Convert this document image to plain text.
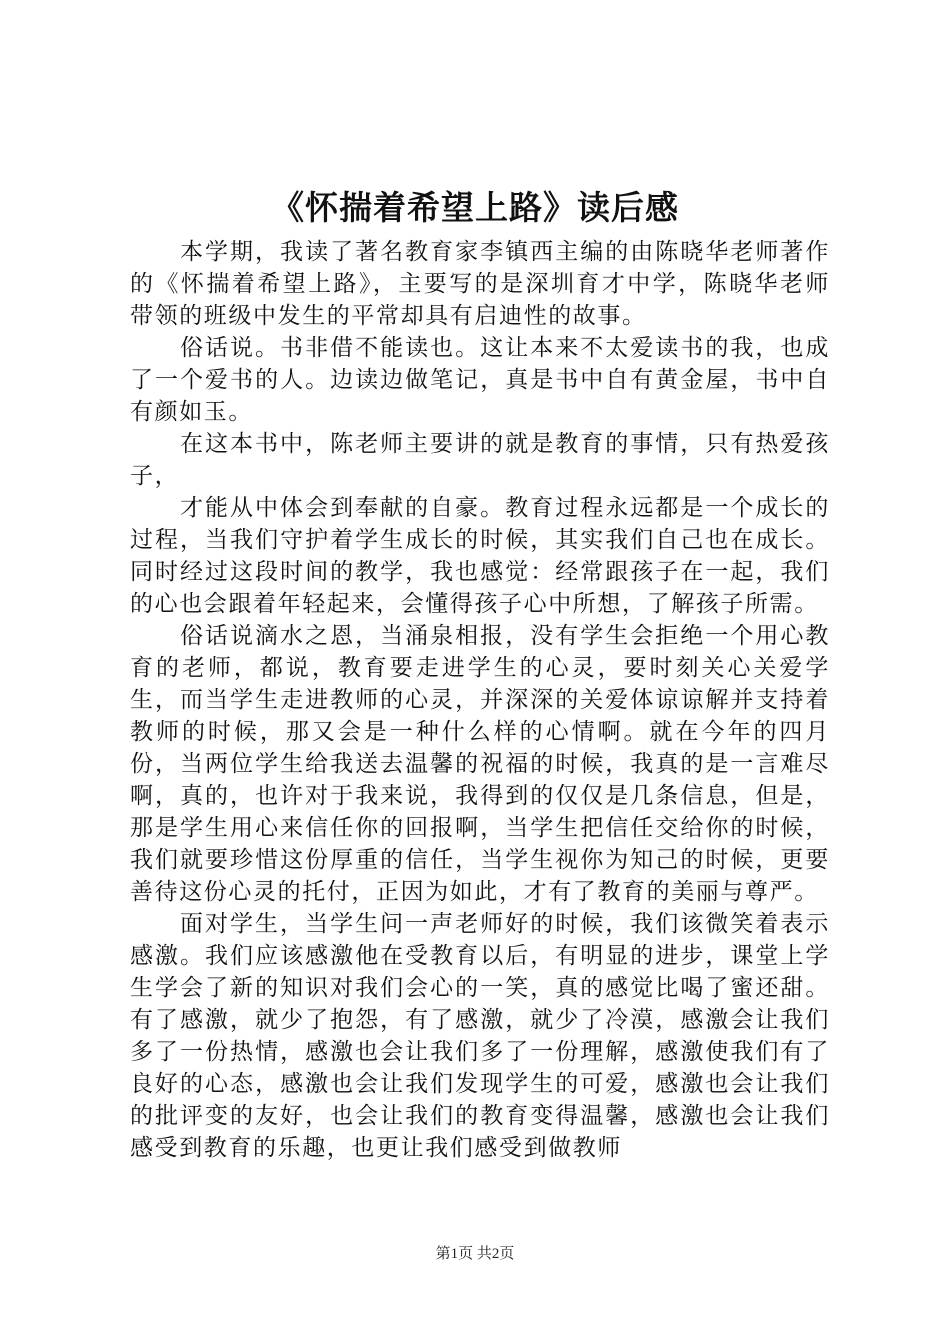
《怀揣着希望上路》读后感

本学期，我读了著名教育家李镇西主编的由陈晓华老师著作的《怀揣着希望上路》，主要写的是深圳育才中学，陈晓华老师带领的班级中发生的平常却具有启迪性的故事。

俗话说。书非借不能读也。这让本来不太爱读书的我，也成了一个爱书的人。边读边做笔记，真是书中自有黄金屋，书中自有颜如玉。

在这本书中，陈老师主要讲的就是教育的事情，只有热爱孩子，

才能从中体会到奉献的自豪。教育过程永远都是一个成长的过程，当我们守护着学生成长的时候，其实我们自己也在成长。同时经过这段时间的教学，我也感觉：经常跟孩子在一起，我们的心也会跟着年轻起来，会懂得孩子心中所想，了解孩子所需。

俗话说滴水之恩，当涌泉相报，没有学生会拒绝一个用心教育的老师，都说，教育要走进学生的心灵，要时刻关心关爱学生，而当学生走进教师的心灵，并深深的关爱体谅谅解并支持着教师的时候，那又会是一种什么样的心情啊。就在今年的四月份，当两位学生给我送去温馨的祝福的时候，我真的是一言难尽啊，真的，也许对于我来说，我得到的仅仅是几条信息，但是，那是学生用心来信任你的回报啊，当学生把信任交给你的时候，我们就要珍惜这份厚重的信任，当学生视你为知己的时候，更要善待这份心灵的托付，正因为如此，才有了教育的美丽与尊严。

面对学生，当学生问一声老师好的时候，我们该微笑着表示感激。我们应该感激他在受教育以后，有明显的进步，课堂上学生学会了新的知识对我们会心的一笑，真的感觉比喝了蜜还甜。有了感激，就少了抱怨，有了感激，就少了冷漠，感激会让我们多了一份热情，感激也会让我们多了一份理解，感激使我们有了良好的心态，感激也会让我们发现学生的可爱，感激也会让我们的批评变的友好，也会让我们的教育变得温馨，感激也会让我们感受到教育的乐趣，也更让我们感受到做教师

第1页 共2页
